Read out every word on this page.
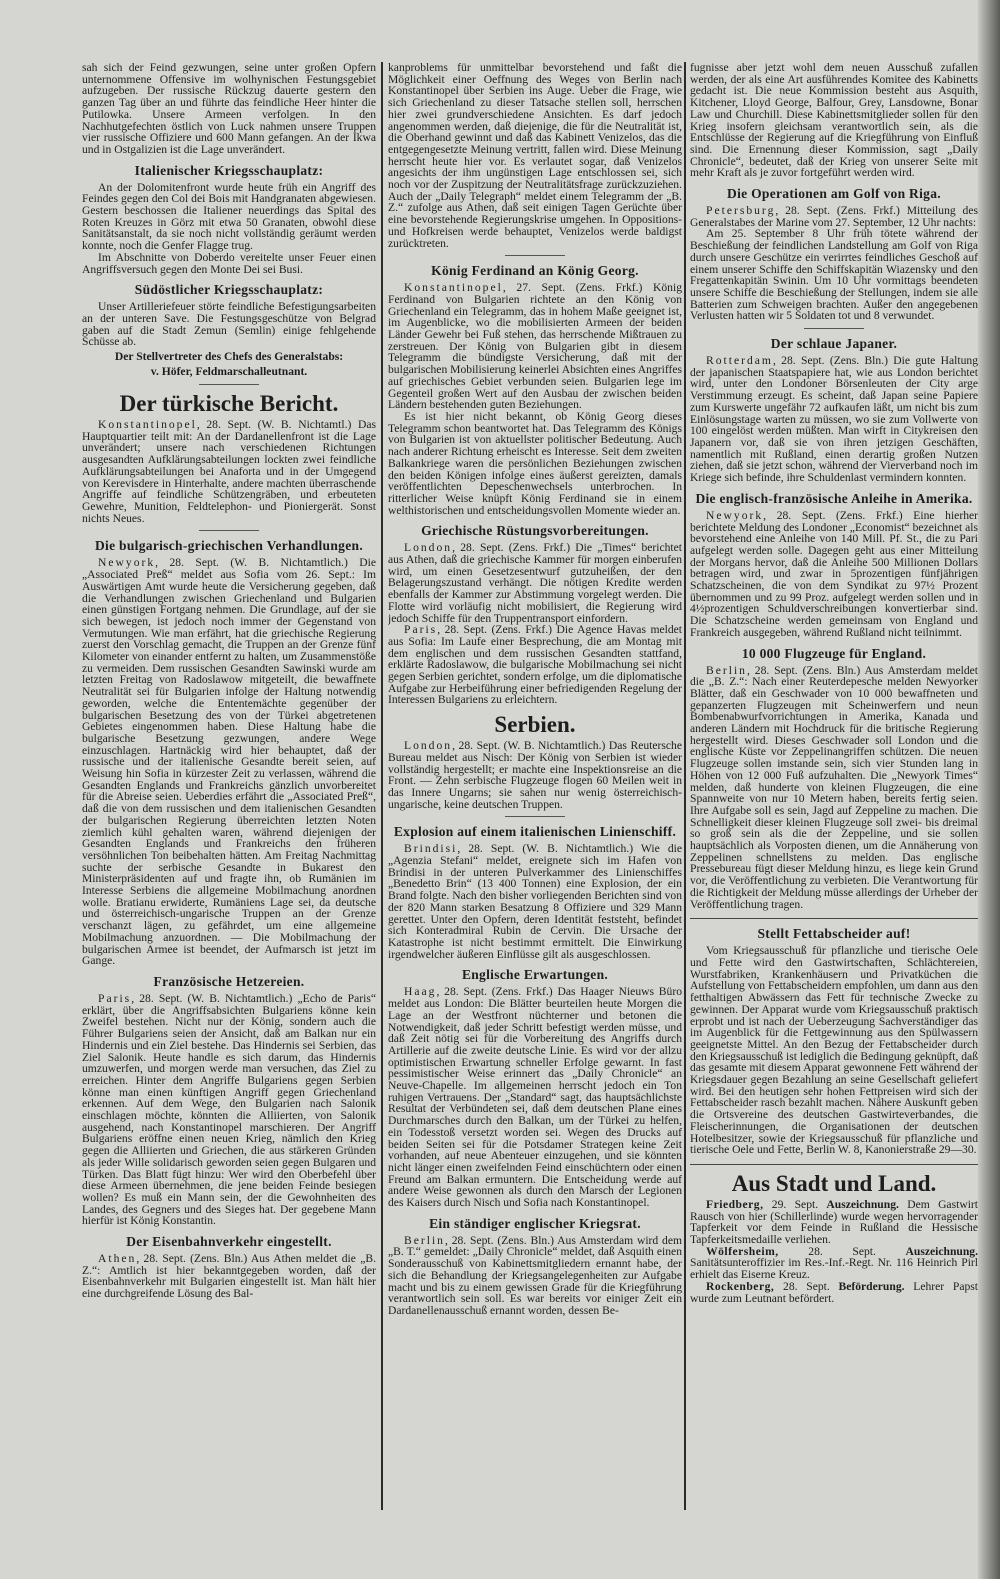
sah sich der Feind gezwungen, seine unter großen Opfern unternommene Offensive im wolhynischen Festungsgebiet aufzugeben. Der russische Rückzug dauerte gestern den ganzen Tag über an und führte das feindliche Heer hinter die Putilowka. Unsere Armeen verfolgen. In den Nachhutgefechten östlich von Luck nahmen unsere Truppen vier russische Offiziere und 600 Mann gefangen. An der Ikwa und in Ostgalizien ist die Lage unverändert.

Italienischer Kriegsschauplatz:

An der Dolomitenfront wurde heute früh ein Angriff des Feindes gegen den Col dei Bois mit Handgranaten abgewiesen. Gestern beschossen die Italiener neuerdings das Spital des Roten Kreuzes in Görz mit etwa 50 Granaten, obwohl diese Sanitätsanstalt, da sie noch nicht vollständig geräumt werden konnte, noch die Genfer Flagge trug.

Im Abschnitte von Doberdo vereitelte unser Feuer einen Angriffsversuch gegen den Monte Dei sei Busi.

Südöstlicher Kriegsschauplatz:

Unser Artilleriefeuer störte feindliche Befestigungsarbeiten an der unteren Save. Die Festungsgeschütze von Belgrad gaben auf die Stadt Zemun (Semlin) einige fehlgehende Schüsse ab.

Der Stellvertreter des Chefs des Generalstabs:
v. Höfer, Feldmarschalleutnant.
Der türkische Bericht.

Konstantinopel, 28. Sept. (W. B. Nichtamtl.) Das Hauptquartier teilt mit: An der Dardanellenfront ist die Lage unverändert; unsere nach verschiedenen Richtungen ausgesandten Aufklärungsabteilungen lockten zwei feindliche Aufklärungsabteilungen bei Anaforta und in der Umgegend von Kerevisdere in Hinterhalte, andere machten überraschende Angriffe auf feindliche Schützengräben, und erbeuteten Gewehre, Munition, Feldtelephon- und Pioniergerät. Sonst nichts Neues.

Die bulgarisch-griechischen Verhandlungen.

Newyork, 28. Sept. (W. B. Nichtamtlich.) Die „Associated Preß“ meldet aus Sofia vom 26. Sept.: Im Auswärtigen Amt wurde heute die Versicherung gegeben, daß die Verhandlungen zwischen Griechenland und Bulgarien einen günstigen Fortgang nehmen. Die Grundlage, auf der sie sich bewegen, ist jedoch noch immer der Gegenstand von Vermutungen. Wie man erfährt, hat die griechische Regierung zuerst den Vorschlag gemacht, die Truppen an der Grenze fünf Kilometer von einander entfernt zu halten, um Zusammenstöße zu vermeiden. Dem russischen Gesandten Sawinski wurde am letzten Freitag von Radoslawow mitgeteilt, die bewaffnete Neutralität sei für Bulgarien infolge der Haltung notwendig geworden, welche die Ententemächte gegenüber der bulgarischen Besetzung des von der Türkei abgetretenen Gebietes eingenommen haben. Diese Haltung habe die bulgarische Besetzung gezwungen, andere Wege einzuschlagen. Hartnäckig wird hier behauptet, daß der russische und der italienische Gesandte bereit seien, auf Weisung hin Sofia in kürzester Zeit zu verlassen, während die Gesandten Englands und Frankreichs gänzlich unvorbereitet für die Abreise seien. Ueberdies erfährt die „Associated Preß“, daß die von dem russischen und dem italienischen Gesandten der bulgarischen Regierung überreichten letzten Noten ziemlich kühl gehalten waren, während diejenigen der Gesandten Englands und Frankreichs den früheren versöhnlichen Ton beibehalten hätten. Am Freitag Nachmittag suchte der serbische Gesandte in Bukarest den Ministerpräsidenten auf und fragte ihn, ob Rumänien im Interesse Serbiens die allgemeine Mobilmachung anordnen wolle. Bratianu erwiderte, Rumäniens Lage sei, da deutsche und österreichisch-ungarische Truppen an der Grenze verschanzt lägen, zu gefährdet, um eine allgemeine Mobilmachung anzuordnen. — Die Mobilmachung der bulgarischen Armee ist beendet, der Aufmarsch ist jetzt im Gange.

Französische Hetzereien.

Paris, 28. Sept. (W. B. Nichtamtlich.) „Echo de Paris“ erklärt, über die Angriffsabsichten Bulgariens könne kein Zweifel bestehen. Nicht nur der König, sondern auch die Führer Bulgariens seien der Ansicht, daß am Balkan nur ein Hindernis und ein Ziel bestehe. Das Hindernis sei Serbien, das Ziel Salonik. Heute handle es sich darum, das Hindernis umzuwerfen, und morgen werde man versuchen, das Ziel zu erreichen. Hinter dem Angriffe Bulgariens gegen Serbien könne man einen künftigen Angriff gegen Griechenland erkennen. Auf dem Wege, den Bulgarien nach Salonik einschlagen möchte, könnten die Alliierten, von Salonik ausgehend, nach Konstantinopel marschieren. Der Angriff Bulgariens eröffne einen neuen Krieg, nämlich den Krieg gegen die Alliierten und Griechen, die aus stärkeren Gründen als jeder Wille solidarisch geworden seien gegen Bulgaren und Türken. Das Blatt fügt hinzu: Wer wird den Oberbefehl über diese Armeen übernehmen, die jene beiden Feinde besiegen wollen? Es muß ein Mann sein, der die Gewohnheiten des Landes, des Gegners und des Sieges hat. Der gegebene Mann hierfür ist König Konstantin.

Der Eisenbahnverkehr eingestellt.

Athen, 28. Sept. (Zens. Bln.) Aus Athen meldet die „B. Z.“: Amtlich ist hier bekanntgegeben worden, daß der Eisenbahnverkehr mit Bulgarien eingestellt ist. Man hält hier eine durchgreifende Lösung des Bal-

kanproblems für unmittelbar bevorstehend und faßt die Möglichkeit einer Oeffnung des Weges von Berlin nach Konstantinopel über Serbien ins Auge. Ueber die Frage, wie sich Griechenland zu dieser Tatsache stellen soll, herrschen hier zwei grundverschiedene Ansichten. Es darf jedoch angenommen werden, daß diejenige, die für die Neutralität ist, die Oberhand gewinnt und daß das Kabinett Venizelos, das die entgegengesetzte Meinung vertritt, fallen wird. Diese Meinung herrscht heute hier vor. Es verlautet sogar, daß Venizelos angesichts der ihm ungünstigen Lage entschlossen sei, sich noch vor der Zuspitzung der Neutralitätsfrage zurückzuziehen. Auch der „Daily Telegraph“ meldet einem Telegramm der „B. Z.“ zufolge aus Athen, daß seit einigen Tagen Gerüchte über eine bevorstehende Regierungskrise umgehen. In Oppositions- und Hofkreisen werde behauptet, Venizelos werde baldigst zurücktreten.

König Ferdinand an König Georg.

Konstantinopel, 27. Sept. (Zens. Frkf.) König Ferdinand von Bulgarien richtete an den König von Griechenland ein Telegramm, das in hohem Maße geeignet ist, im Augenblicke, wo die mobilisierten Armeen der beiden Länder Gewehr bei Fuß stehen, das herrschende Mißtrauen zu zerstreuen. Der König von Bulgarien gibt in diesem Telegramm die bündigste Versicherung, daß mit der bulgarischen Mobilisierung keinerlei Absichten eines Angriffes auf griechisches Gebiet verbunden seien. Bulgarien lege im Gegenteil großen Wert auf den Ausbau der zwischen beiden Ländern bestehenden guten Beziehungen.

Es ist hier nicht bekannt, ob König Georg dieses Telegramm schon beantwortet hat. Das Telegramm des Königs von Bulgarien ist von aktuellster politischer Bedeutung. Auch nach anderer Richtung erheischt es Interesse. Seit dem zweiten Balkankriege waren die persönlichen Beziehungen zwischen den beiden Königen infolge eines äußerst gereizten, damals veröffentlichten Depeschenwechsels unterbrochen. In ritterlicher Weise knüpft König Ferdinand sie in einem welthistorischen und entscheidungsvollen Momente wieder an.

Griechische Rüstungsvorbereitungen.

London, 28. Sept. (Zens. Frkf.) Die „Times“ berichtet aus Athen, daß die griechische Kammer für morgen einberufen wird, um einen Gesetzesentwurf gutzuheißen, der den Belagerungszustand verhängt. Die nötigen Kredite werden ebenfalls der Kammer zur Abstimmung vorgelegt werden. Die Flotte wird vorläufig nicht mobilisiert, die Regierung wird jedoch Schiffe für den Truppentransport einfordern.

Paris, 28. Sept. (Zens. Frkf.) Die Agence Havas meldet aus Sofia: Im Laufe einer Besprechung, die am Montag mit dem englischen und dem russischen Gesandten stattfand, erklärte Radoslawow, die bulgarische Mobilmachung sei nicht gegen Serbien gerichtet, sondern erfolge, um die diplomatische Aufgabe zur Herbeiführung einer befriedigenden Regelung der Interessen Bulgariens zu erleichtern.

Serbien.

London, 28. Sept. (W. B. Nichtamtlich.) Das Reutersche Bureau meldet aus Nisch: Der König von Serbien ist wieder vollständig hergestellt; er machte eine Inspektionsreise an die Front. — Zehn serbische Flugzeuge flogen 60 Meilen weit in das Innere Ungarns; sie sahen nur wenig österreichisch-ungarische, keine deutschen Truppen.

Explosion auf einem italienischen Linienschiff.

Brindisi, 28. Sept. (W. B. Nichtamtlich.) Wie die „Agenzia Stefani“ meldet, ereignete sich im Hafen von Brindisi in der unteren Pulverkammer des Linienschiffes „Benedetto Brin“ (13 400 Tonnen) eine Explosion, der ein Brand folgte. Nach den bisher vorliegenden Berichten sind von der 820 Mann starken Besatzung 8 Offiziere und 329 Mann gerettet. Unter den Opfern, deren Identität feststeht, befindet sich Konteradmiral Rubin de Cervin. Die Ursache der Katastrophe ist nicht bestimmt ermittelt. Die Einwirkung irgendwelcher äußeren Einflüsse gilt als ausgeschlossen.

Englische Erwartungen.

Haag, 28. Sept. (Zens. Frkf.) Das Haager Nieuws Büro meldet aus London: Die Blätter beurteilen heute Morgen die Lage an der Westfront nüchterner und betonen die Notwendigkeit, daß jeder Schritt befestigt werden müsse, und daß Zeit nötig sei für die Vorbereitung des Angriffs durch Artillerie auf die zweite deutsche Linie. Es wird vor der allzu optimistischen Erwartung schneller Erfolge gewarnt. In fast pessimistischer Weise erinnert das „Daily Chronicle“ an Neuve-Chapelle. Im allgemeinen herrscht jedoch ein Ton ruhigen Vertrauens. Der „Standard“ sagt, das hauptsächlichste Resultat der Verbündeten sei, daß dem deutschen Plane eines Durchmarsches durch den Balkan, um der Türkei zu helfen, ein Todesstoß versetzt worden sei. Wegen des Drucks auf beiden Seiten sei für die Potsdamer Strategen keine Zeit vorhanden, auf neue Abenteuer einzugehen, und sie könnten nicht länger einen zweifelnden Feind einschüchtern oder einen Freund am Balkan ermuntern. Die Entscheidung werde auf andere Weise gewonnen als durch den Marsch der Legionen des Kaisers durch Nisch und Sofia nach Konstantinopel.

Ein ständiger englischer Kriegsrat.

Berlin, 28. Sept. (Zens. Bln.) Aus Amsterdam wird dem „B. T.“ gemeldet: „Daily Chronicle“ meldet, daß Asquith einen Sonderausschuß von Kabinettsmitgliedern ernannt habe, der sich die Behandlung der Kriegsangelegenheiten zur Aufgabe macht und bis zu einem gewissen Grade für die Kriegführung verantwortlich sein soll. Es war bereits vor einiger Zeit ein Dardanellenausschuß ernannt worden, dessen Be-

fugnisse aber jetzt wohl dem neuen Ausschuß zufallen werden, der als eine Art ausführendes Komitee des Kabinetts gedacht ist. Die neue Kommission besteht aus Asquith, Kitchener, Lloyd George, Balfour, Grey, Lansdowne, Bonar Law und Churchill. Diese Kabinettsmitglieder sollen für den Krieg insofern gleichsam verantwortlich sein, als die Entschlüsse der Regierung auf die Kriegführung von Einfluß sind. Die Ernennung dieser Kommission, sagt „Daily Chronicle“, bedeutet, daß der Krieg von unserer Seite mit mehr Kraft als je zuvor fortgeführt werden wird.

Die Operationen am Golf von Riga.

Petersburg, 28. Sept. (Zens. Frkf.) Mitteilung des Generalstabes der Marine vom 27. September, 12 Uhr nachts:

Am 25. September 8 Uhr früh tötete während der Beschießung der feindlichen Landstellung am Golf von Riga durch unsere Geschütze ein verirrtes feindliches Geschoß auf einem unserer Schiffe den Schiffskapitän Wiazensky und den Fregattenkapitän Swinin. Um 10 Uhr vormittags beendeten unsere Schiffe die Beschießung der Stellungen, indem sie alle Batterien zum Schweigen brachten. Außer den angegebenen Verlusten hatten wir 5 Soldaten tot und 8 verwundet.

Der schlaue Japaner.

Rotterdam, 28. Sept. (Zens. Bln.) Die gute Haltung der japanischen Staatspapiere hat, wie aus London berichtet wird, unter den Londoner Börsenleuten der City arge Verstimmung erzeugt. Es scheint, daß Japan seine Papiere zum Kurswerte ungefähr 72 aufkaufen läßt, um nicht bis zum Einlösungstage warten zu müssen, wo sie zum Vollwerte von 100 eingelöst werden müßten. Man wirft in Citykreisen den Japanern vor, daß sie von ihren jetzigen Geschäften, namentlich mit Rußland, einen derartig großen Nutzen ziehen, daß sie jetzt schon, während der Vierverband noch im Kriege sich befinde, ihre Schuldenlast vermindern konnten.

Die englisch-französische Anleihe in Amerika.

Newyork, 28. Sept. (Zens. Frkf.) Eine hierher berichtete Meldung des Londoner „Economist“ bezeichnet als bevorstehend eine Anleihe von 140 Mill. Pf. St., die zu Pari aufgelegt werden solle. Dagegen geht aus einer Mitteilung der Morgans hervor, daß die Anleihe 500 Millionen Dollars betragen wird, und zwar in 5prozentigen fünfjährigen Schatzscheinen, die von dem Syndikat zu 97½ Prozent übernommen und zu 99 Proz. aufgelegt werden sollen und in 4½prozentigen Schuldverschreibungen konvertierbar sind. Die Schatzscheine werden gemeinsam von England und Frankreich ausgegeben, während Rußland nicht teilnimmt.

10 000 Flugzeuge für England.

Berlin, 28. Sept. (Zens. Bln.) Aus Amsterdam meldet die „B. Z.“: Nach einer Reuterdepesche melden Newyorker Blätter, daß ein Geschwader von 10 000 bewaffneten und gepanzerten Flugzeugen mit Scheinwerfern und neun Bombenabwurfvorrichtungen in Amerika, Kanada und anderen Ländern mit Hochdruck für die britische Regierung hergestellt wird. Dieses Geschwader soll London und die englische Küste vor Zeppelinangriffen schützen. Die neuen Flugzeuge sollen imstande sein, sich vier Stunden lang in Höhen von 12 000 Fuß aufzuhalten. Die „Newyork Times“ melden, daß hunderte von kleinen Flugzeugen, die eine Spannweite von nur 10 Metern haben, bereits fertig seien. Ihre Aufgabe soll es sein, Jagd auf Zeppeline zu machen. Die Schnelligkeit dieser kleinen Flugzeuge soll zwei- bis dreimal so groß sein als die der Zeppeline, und sie sollen hauptsächlich als Vorposten dienen, um die Annäherung von Zeppelinen schnellstens zu melden. Das englische Pressebureau fügt dieser Meldung hinzu, es liege kein Grund vor, die Veröffentlichung zu verbieten. Die Verantwortung für die Richtigkeit der Meldung müsse allerdings der Urheber der Veröffentlichung tragen.

Stellt Fettabscheider auf!

Vom Kriegsausschuß für pflanzliche und tierische Oele und Fette wird den Gastwirtschaften, Schlächtereien, Wurstfabriken, Krankenhäusern und Privatküchen die Aufstellung von Fettabscheidern empfohlen, um dann aus den fetthaltigen Abwässern das Fett für technische Zwecke zu gewinnen. Der Apparat wurde vom Kriegsausschuß praktisch erprobt und ist nach der Ueberzeugung Sachverständiger das im Augenblick für die Fettgewinnung aus den Spülwassern geeignetste Mittel. An den Bezug der Fettabscheider durch den Kriegsausschuß ist lediglich die Bedingung geknüpft, daß das gesamte mit diesem Apparat gewonnene Fett während der Kriegsdauer gegen Bezahlung an seine Gesellschaft geliefert wird. Bei den heutigen sehr hohen Fettpreisen wird sich der Fettabscheider rasch bezahlt machen. Nähere Auskunft geben die Ortsvereine des deutschen Gastwirteverbandes, die Fleischerinnungen, die Organisationen der deutschen Hotelbesitzer, sowie der Kriegsausschuß für pflanzliche und tierische Oele und Fette, Berlin W. 8, Kanonierstraße 29—30.

Aus Stadt und Land.

Friedberg, 29. Sept. Auszeichnung. Dem Gastwirt Rausch von hier (Schillerlinde) wurde wegen hervorragender Tapferkeit vor dem Feinde in Rußland die Hessische Tapferkeitsmedaille verliehen.

Wölfersheim, 28. Sept. Auszeichnung. Sanitätsunteroffizier im Res.-Inf.-Regt. Nr. 116 Heinrich Pirl erhielt das Eiserne Kreuz.

Rockenberg, 28. Sept. Beförderung. Lehrer Papst wurde zum Leutnant befördert.
